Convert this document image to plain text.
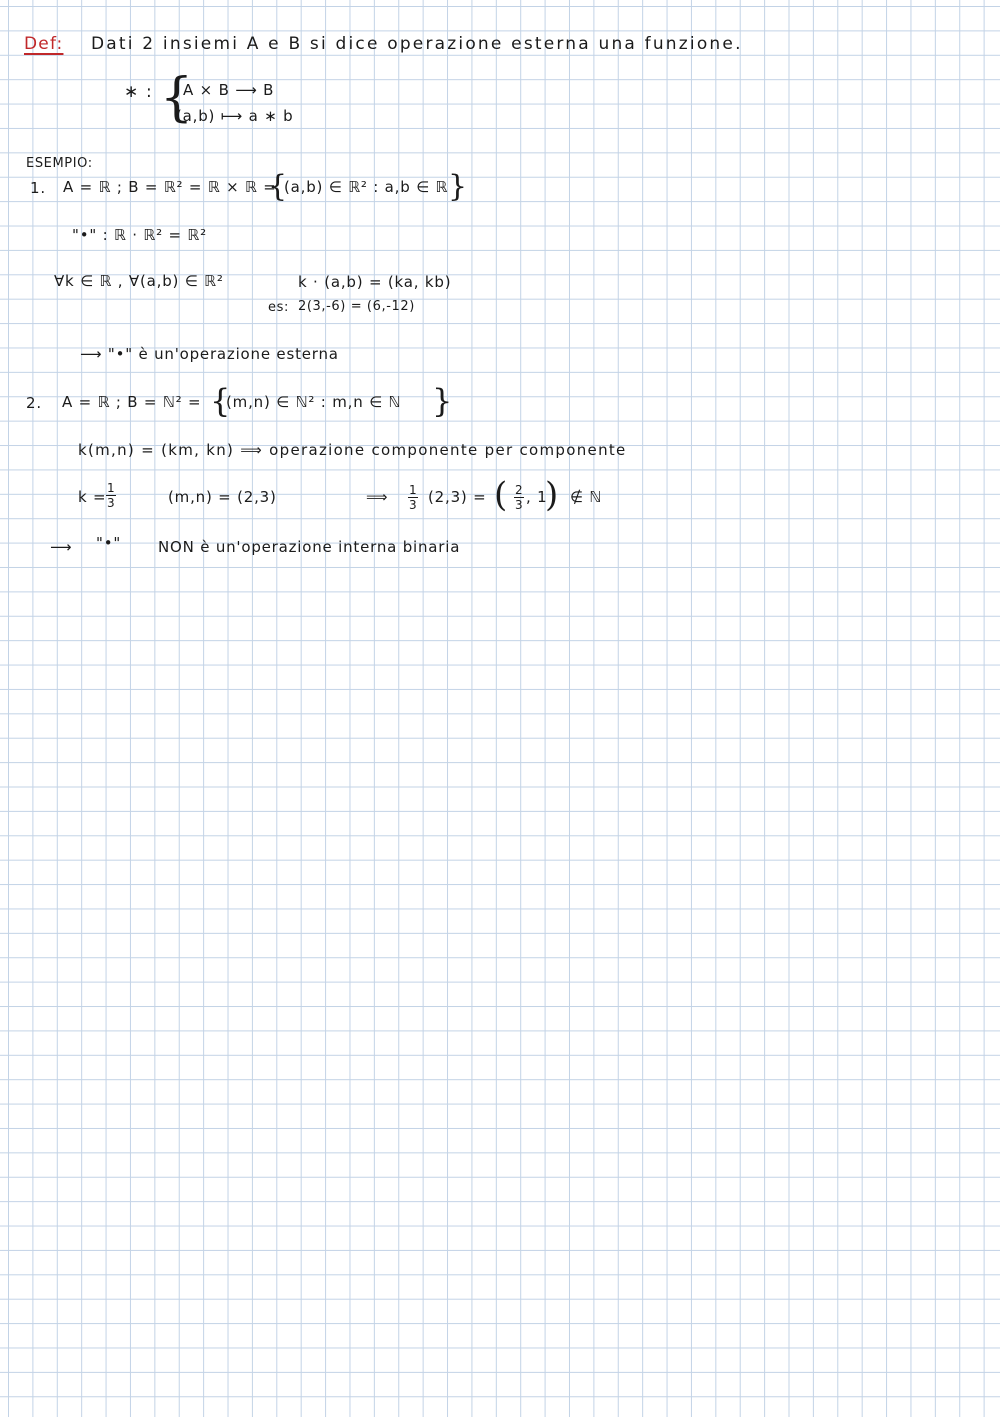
Def: Dati 2 insiemi A e B si dice operazione esterna una funzione.
∗ : {
A × B ⟶ B
(a,b) ⟼ a ∗ b
ESEMPIO:
1. A = ℝ ; B = ℝ² = ℝ × ℝ =
{
(a,b) ∈ ℝ² : a,b ∈ ℝ }
"•" : ℝ · ℝ² = ℝ²
∀k ∈ ℝ , ∀(a,b) ∈ ℝ²	k · (a,b) = (ka, kb)
es: 2(3,-6) = (6,-12)
⟶ "•" è un'operazione esterna
2. A = ℝ ; B = ℕ² = {
(m,n) ∈ ℕ² : m,n ∈ ℕ }
k(m,n) = (km, kn) ⟹ operazione componente per componente
$k = \frac{1}{3}$	(m,n) = (2,3)	⟹ $\frac{1}{3} (2,3)$ = ( $\frac{2}{3}$ , 1
) ∉ ℕ
⟶ "•" NON è un'operazione interna binaria
